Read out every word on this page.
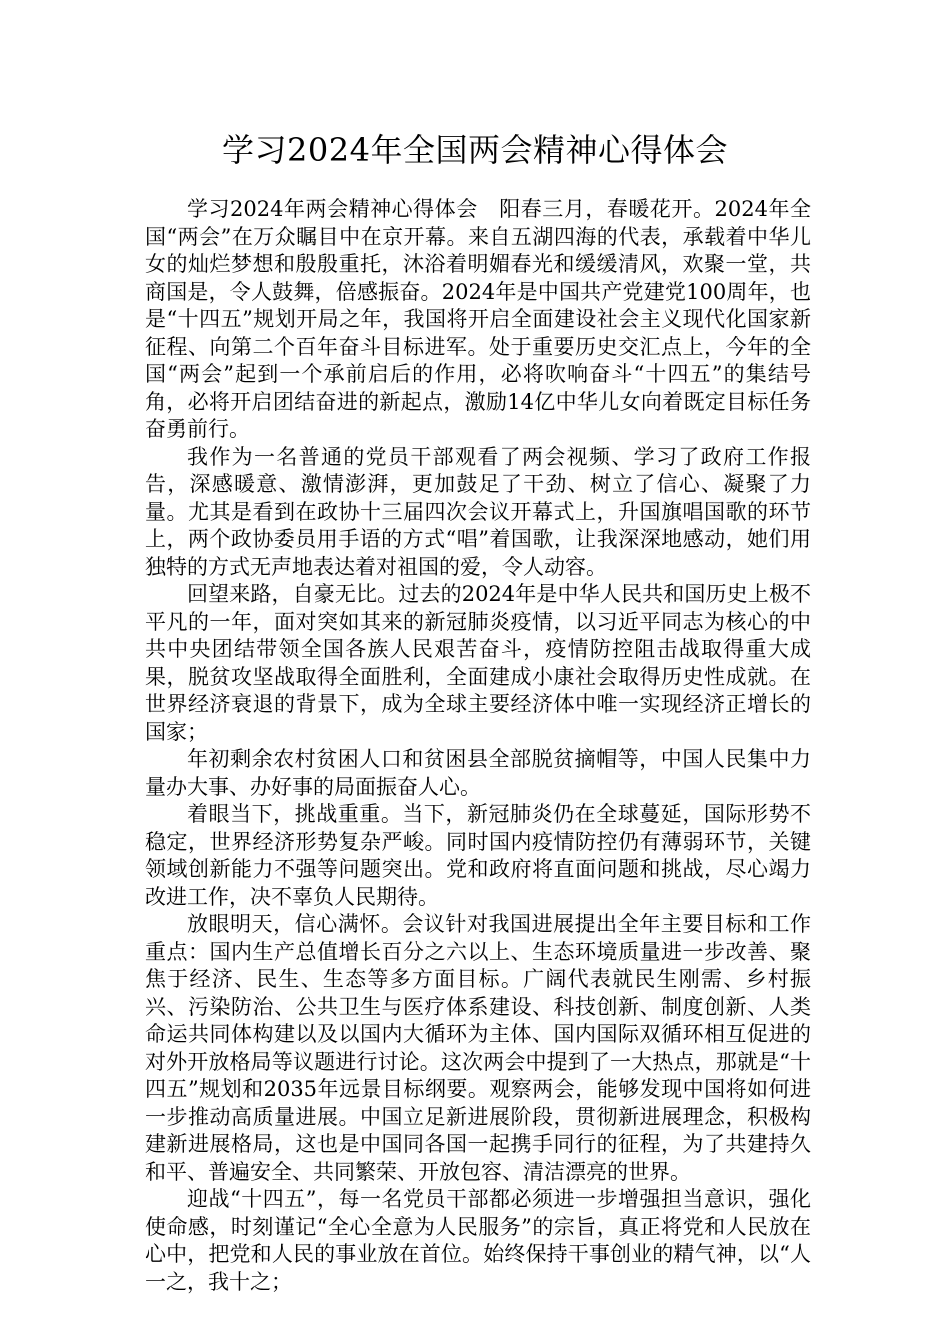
学习2024年全国两会精神心得体会

学习2024年两会精神心得体会　阳春三月，春暖花开。2024年全国“两会”在万众瞩目中在京开幕。来自五湖四海的代表，承载着中华儿女的灿烂梦想和殷殷重托，沐浴着明媚春光和缓缓清风，欢聚一堂，共商国是，令人鼓舞，倍感振奋。2024年是中国共产党建党100周年，也是“十四五”规划开局之年，我国将开启全面建设社会主义现代化国家新征程、向第二个百年奋斗目标进军。处于重要历史交汇点上，今年的全国“两会”起到一个承前启后的作用，必将吹响奋斗“十四五”的集结号角，必将开启团结奋进的新起点，激励14亿中华儿女向着既定目标任务奋勇前行。

我作为一名普通的党员干部观看了两会视频、学习了政府工作报告，深感暖意、激情澎湃，更加鼓足了干劲、树立了信心、凝聚了力量。尤其是看到在政协十三届四次会议开幕式上，升国旗唱国歌的环节上，两个政协委员用手语的方式“唱”着国歌，让我深深地感动，她们用独特的方式无声地表达着对祖国的爱，令人动容。

回望来路，自豪无比。过去的2024年是中华人民共和国历史上极不平凡的一年，面对突如其来的新冠肺炎疫情，以习近平同志为核心的中共中央团结带领全国各族人民艰苦奋斗，疫情防控阻击战取得重大成果，脱贫攻坚战取得全面胜利，全面建成小康社会取得历史性成就。在世界经济衰退的背景下，成为全球主要经济体中唯一实现经济正增长的国家；

年初剩余农村贫困人口和贫困县全部脱贫摘帽等，中国人民集中力量办大事、办好事的局面振奋人心。

着眼当下，挑战重重。当下，新冠肺炎仍在全球蔓延，国际形势不稳定，世界经济形势复杂严峻。同时国内疫情防控仍有薄弱环节，关键领域创新能力不强等问题突出。党和政府将直面问题和挑战，尽心竭力改进工作，决不辜负人民期待。

放眼明天，信心满怀。会议针对我国进展提出全年主要目标和工作重点：国内生产总值增长百分之六以上、生态环境质量进一步改善、聚焦于经济、民生、生态等多方面目标。广阔代表就民生刚需、乡村振兴、污染防治、公共卫生与医疗体系建设、科技创新、制度创新、人类命运共同体构建以及以国内大循环为主体、国内国际双循环相互促进的对外开放格局等议题进行讨论。这次两会中提到了一大热点，那就是“十四五”规划和2035年远景目标纲要。观察两会，能够发现中国将如何进一步推动高质量进展。中国立足新进展阶段，贯彻新进展理念，积极构建新进展格局，这也是中国同各国一起携手同行的征程，为了共建持久和平、普遍安全、共同繁荣、开放包容、清洁漂亮的世界。

迎战“十四五”，每一名党员干部都必须进一步增强担当意识，强化使命感，时刻谨记“全心全意为人民服务”的宗旨，真正将党和人民放在心中，把党和人民的事业放在首位。始终保持干事创业的精气神，以“人一之，我十之；
